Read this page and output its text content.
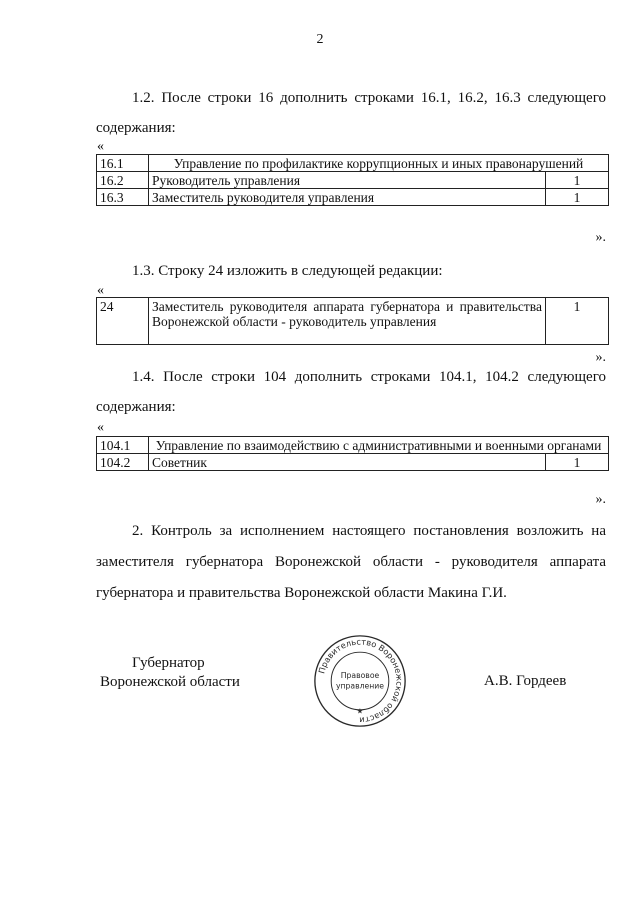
2
1.2. После строки 16 дополнить строками 16.1, 16.2, 16.3 следующего содержания:
«
16.1	Управление по профилактике коррупционных и иных правонарушений	
16.2	Руководитель управления	1
16.3	Заместитель руководителя управления	1
».
1.3. Строку 24 изложить в следующей редакции:
«
24	Заместитель руководителя аппарата губернатора и правительства Воронежской области - руководитель управления	1
».
1.4. После строки 104 дополнить строками 104.1, 104.2 следующего содержания:
«
104.1	Управление по взаимодействию с административными и военными органами	
104.2	Советник	1
».
2. Контроль за исполнением настоящего постановления возложить на заместителя губернатора Воронежской области - руководителя аппарата губернатора и правительства Воронежской области Макина Г.И.
Губернатор
Воронежской области	А.В. Гордеев
Правительство Воронежской области
Правовое
управление
★
